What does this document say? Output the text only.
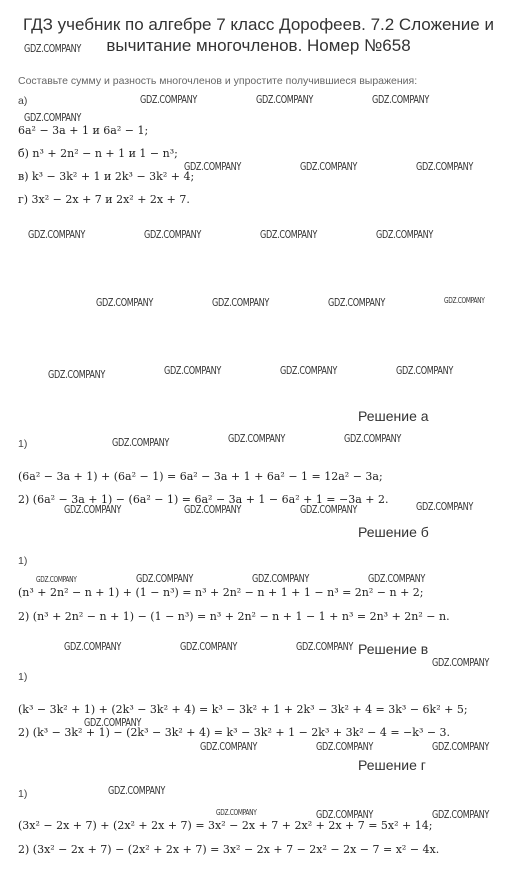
ГДЗ учебник по алгебре 7 класс Дорофеев. 7.2 Сложение и вычитание многочленов. Номер №658
Составьте сумму и разность многочленов и упростите получившиеся выражения:
а)
6a² − 3a + 1 и 6a² − 1;
б) n³ + 2n² − n + 1 и 1 − n³;
в) k³ − 3k² + 1 и 2k³ − 3k² + 4;
г) 3x² − 2x + 7 и 2x² + 2x + 7.
Решение а
1)
(6a² − 3a + 1) + (6a² − 1) = 6a² − 3a + 1 + 6a² − 1 = 12a² − 3a;
2) (6a² − 3a + 1) − (6a² − 1) = 6a² − 3a + 1 − 6a² + 1 = −3a + 2.
Решение б
1)
(n³ + 2n² − n + 1) + (1 − n³) = n³ + 2n² − n + 1 + 1 − n³ = 2n² − n + 2;
2) (n³ + 2n² − n + 1) − (1 − n³) = n³ + 2n² − n + 1 − 1 + n³ = 2n³ + 2n² − n.
Решение в
1)
(k³ − 3k² + 1) + (2k³ − 3k² + 4) = k³ − 3k² + 1 + 2k³ − 3k² + 4 = 3k³ − 6k² + 5;
2) (k³ − 3k² + 1) − (2k³ − 3k² + 4) = k³ − 3k² + 1 − 2k³ + 3k² − 4 = −k³ − 3.
Решение г
1)
(3x² − 2x + 7) + (2x² + 2x + 7) = 3x² − 2x + 7 + 2x² + 2x + 7 = 5x² + 14;
2) (3x² − 2x + 7) − (2x² + 2x + 7) = 3x² − 2x + 7 − 2x² − 2x − 7 = x² − 4x.
GDZ.COMPANY
GDZ.COMPANY	GDZ.COMPANY	GDZ.COMPANY
GDZ.COMPANY
GDZ.COMPANY	GDZ.COMPANY	GDZ.COMPANY
GDZ.COMPANY	GDZ.COMPANY	GDZ.COMPANY	GDZ.COMPANY
GDZ.COMPANY	GDZ.COMPANY	GDZ.COMPANY	GDZ.COMPANY
GDZ.COMPANY	GDZ.COMPANY	GDZ.COMPANY	GDZ.COMPANY
GDZ.COMPANY	GDZ.COMPANY	GDZ.COMPANY
GDZ.COMPANY	GDZ.COMPANY	GDZ.COMPANY	GDZ.COMPANY
GDZ.COMPANY	GDZ.COMPANY	GDZ.COMPANY	GDZ.COMPANY
GDZ.COMPANY	GDZ.COMPANY	GDZ.COMPANY
GDZ.COMPANY
GDZ.COMPANY
GDZ.COMPANY	GDZ.COMPANY	GDZ.COMPANY
GDZ.COMPANY
GDZ.COMPANY	GDZ.COMPANY	GDZ.COMPANY
